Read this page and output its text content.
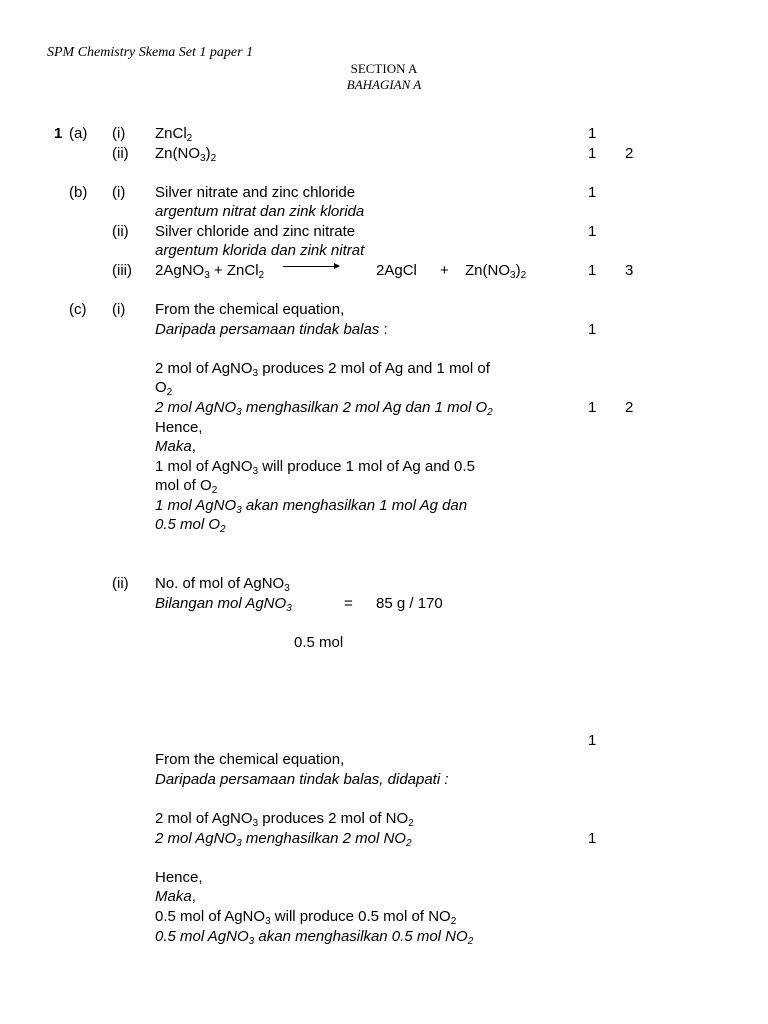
SPM Chemistry Skema Set 1 paper 1
SECTION A
BAHAGIAN A
1 (a) (i) ZnCl$_2$	1
(ii) $Zn(NO_3)_2$	1 2
(b) (i) Silver nitrate and zinc chloride	1
argentum nitrat dan zink klorida
(ii) Silver chloride and zinc nitrate	1
argentum klorida dan zink nitrat
(iii) 2AgNO$_3$ + ZnCl$_2$	2AgCl + $Zn(NO_3)_2$	1 3
(c) (i) From the chemical equation,
Daripada persamaan tindak balas :	1
2 mol of AgNO$_3$ produces 2 mol of Ag and 1 mol of
$O_2$
2 mol AgNO$_3$ menghasilkan 2 mol Ag dan 1 mol $O_2$	1 2
Hence,
Maka,
1 mol of AgNO$_3$ will produce 1 mol of Ag and 0.5
mol of $O_2$
1 mol AgNO$_3$ akan menghasilkan 1 mol Ag dan
0.5 mol $O_2$
(ii) No. of mol of AgNO$_3$
Bilangan mol AgNO$_3$	= 85 g / 170
0.5 mol
1
From the chemical equation,
Daripada persamaan tindak balas, didapati :
2 mol of AgNO$_3$ produces 2 mol of $NO_2$
2 mol AgNO$_3$ menghasilkan 2 mol $NO_2$	1
Hence,
Maka,
0.5 mol of AgNO$_3$ will produce 0.5 mol of $NO_2$
0.5 mol AgNO$_3$ akan menghasilkan 0.5 mol $NO_2$
